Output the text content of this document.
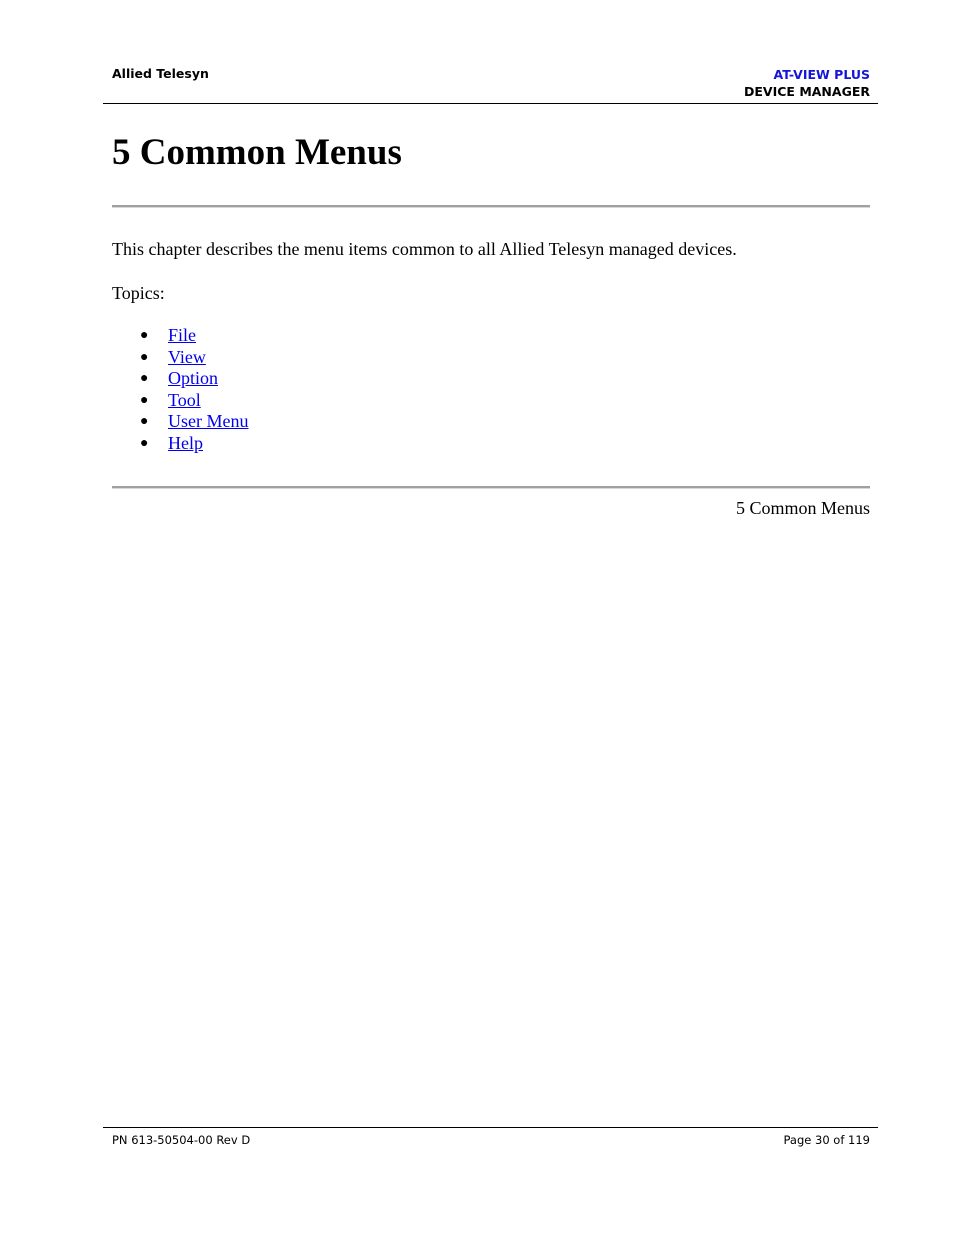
Allied Telesyn	AT-VIEW PLUS
DEVICE MANAGER
5 Common Menus

This chapter describes the menu items common to all Allied Telesyn managed devices.

Topics:

● File
● View
● Option
● Tool
● User Menu
● Help
5 Common Menus
PN 613-50504-00 Rev D	Page 30 of 119
